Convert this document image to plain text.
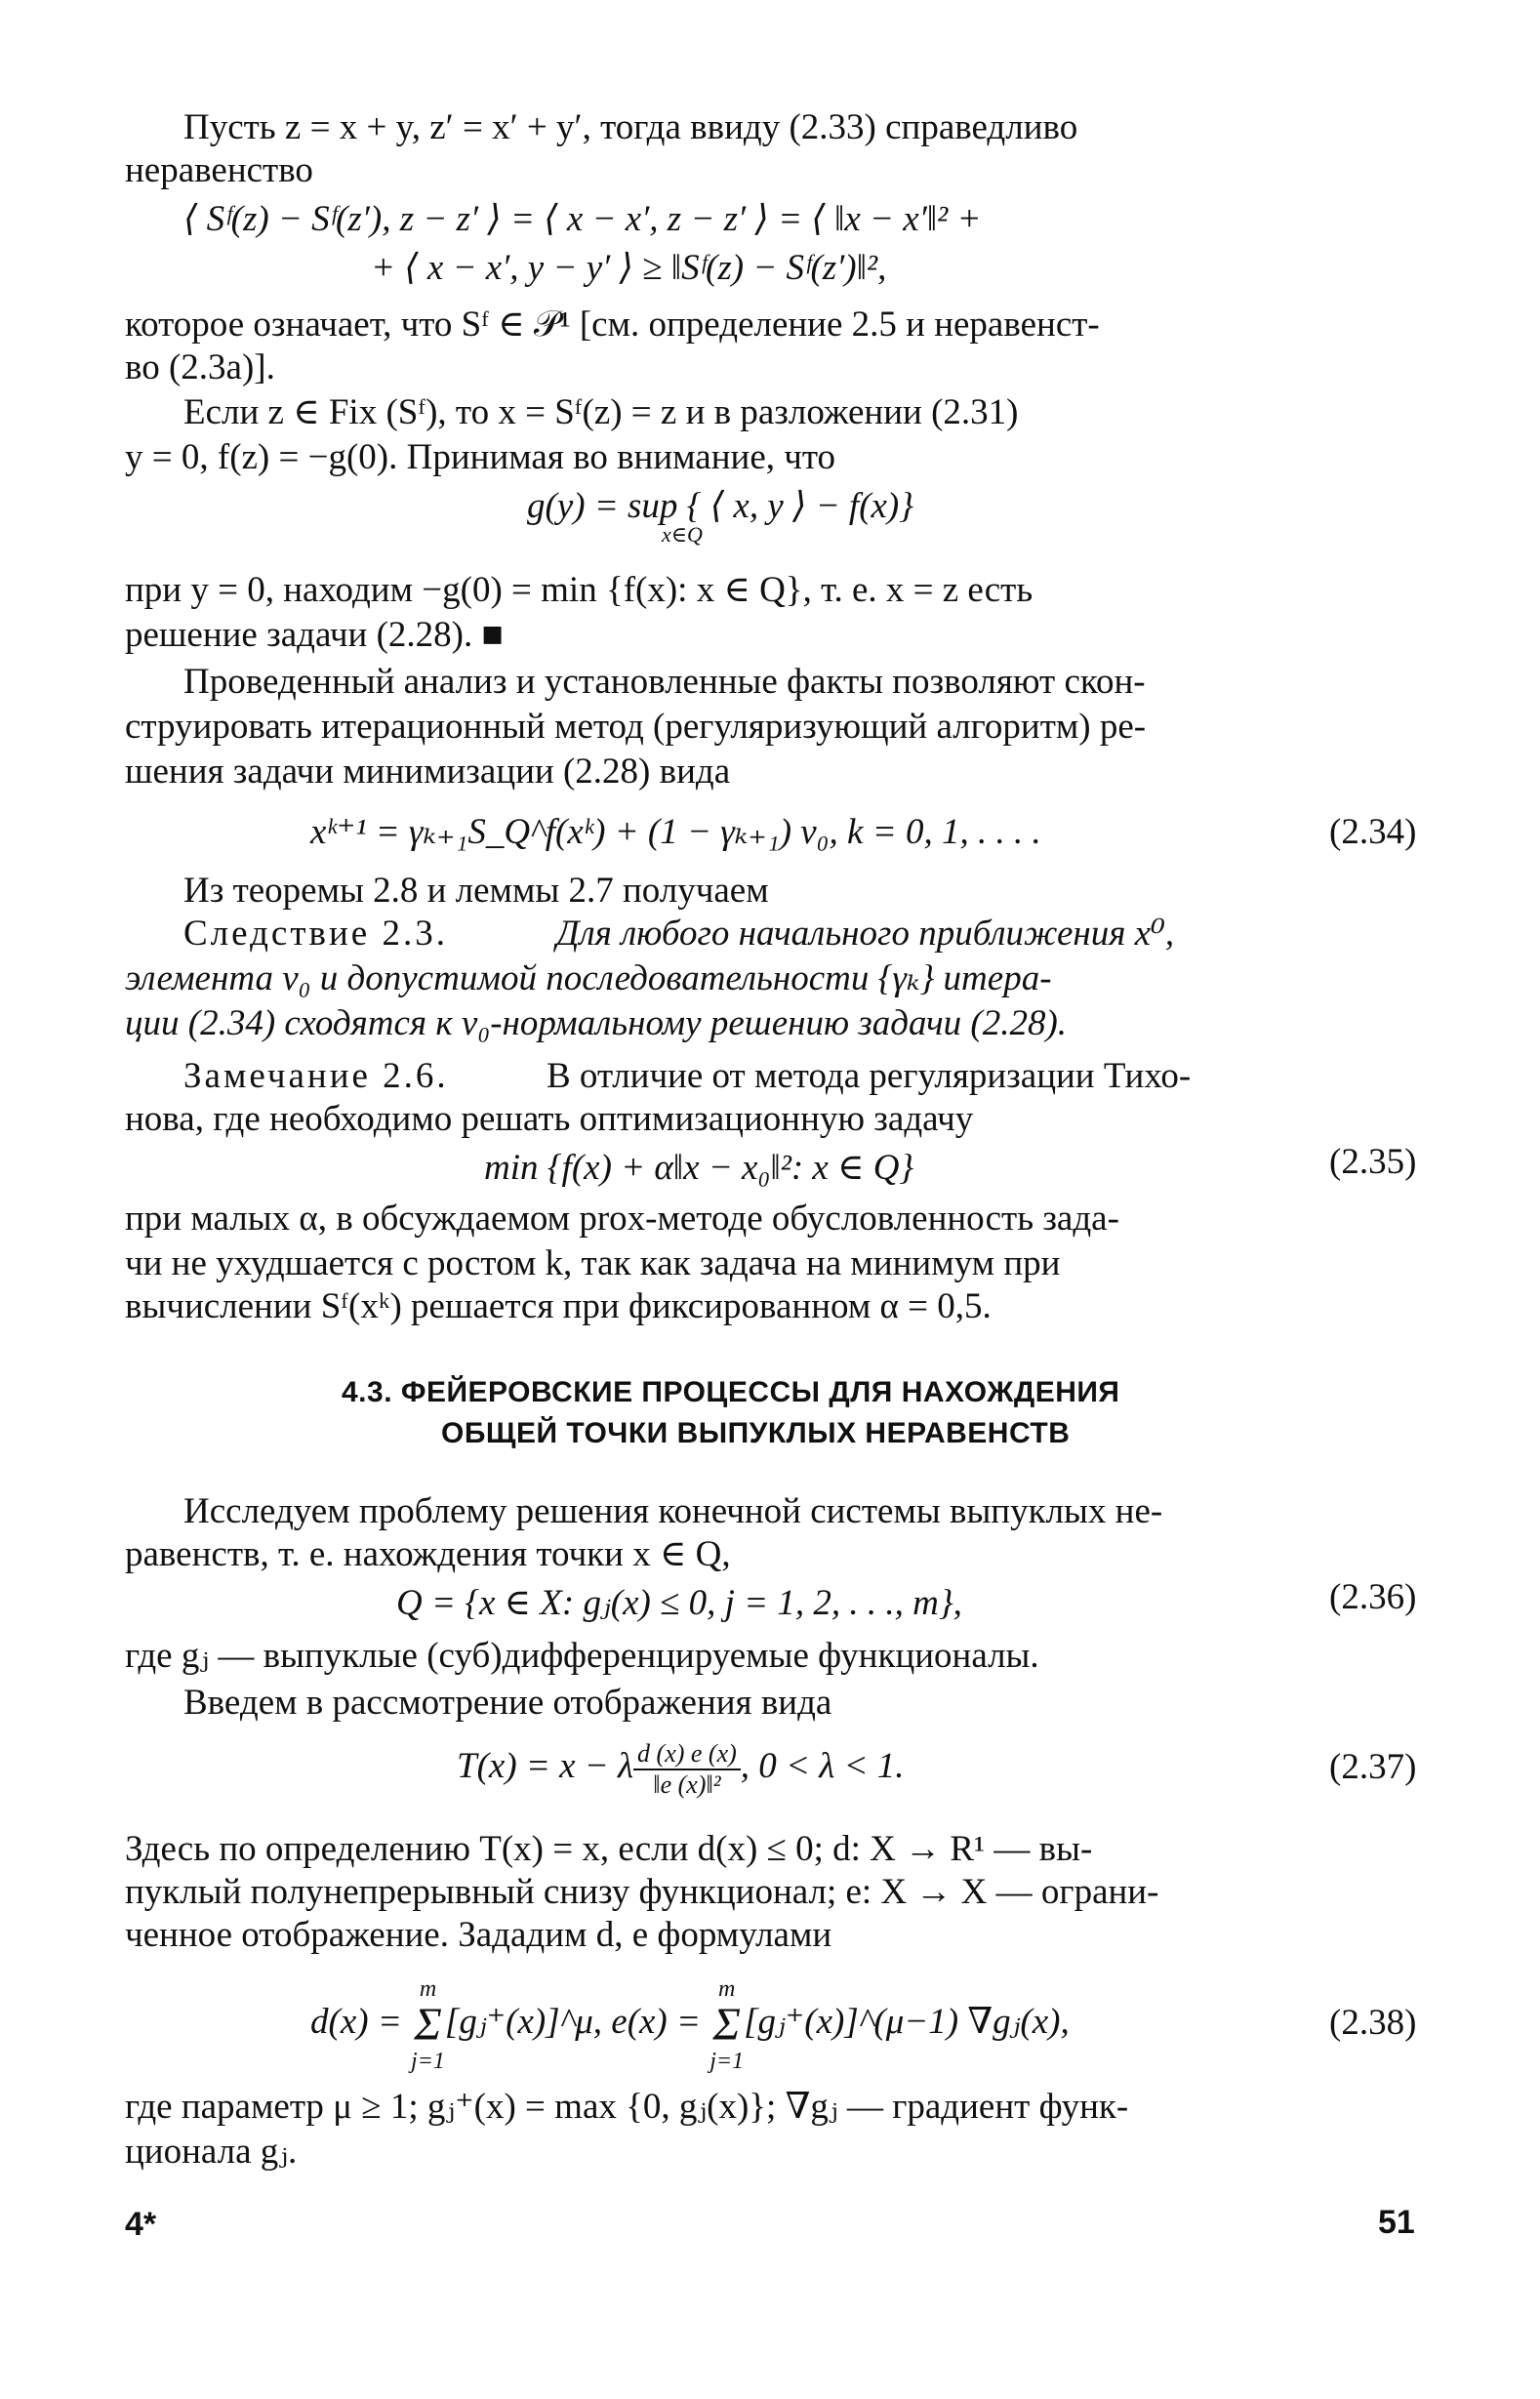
Пусть z = x + y, z′ = x′ + y′, тогда ввиду (2.33) справедливо
неравенство
⟨ Sᶠ(z) − Sᶠ(z′), z − z′ ⟩ = ⟨ x − x′, z − z′ ⟩ = ⟨ ‖x − x′‖² +
+ ⟨ x − x′, y − y′ ⟩ ≥ ‖Sᶠ(z) − Sᶠ(z′)‖²,
которое означает, что Sᶠ ∈ 𝒫¹ [см. определение 2.5 и неравенст-
во (2.3a)].
Если z ∈ Fix (Sᶠ), то x = Sᶠ(z) = z и в разложении (2.31)
y = 0, f(z) = −g(0). Принимая во внимание, что
g(y) = sup { ⟨ x, y ⟩ − f(x)}
x∈Q
при y = 0, находим −g(0) = min {f(x): x ∈ Q}, т. е. x = z есть
решение задачи (2.28). ■
Проведенный анализ и установленные факты позволяют скон-
струировать итерационный метод (регуляризующий алгоритм) ре-
шения задачи минимизации (2.28) вида
xᵏ⁺¹ = γₖ₊₁S_Q^f(xᵏ) + (1 − γₖ₊₁) v₀, k = 0, 1, . . . .	(2.34)
Из теоремы 2.8 и леммы 2.7 получаем
Следствие 2.3.	Для любого начального приближения x⁰,
элемента v₀ и допустимой последовательности {γₖ} итера-
ции (2.34) сходятся к v₀-нормальному решению задачи (2.28).
Замечание 2.6.	В отличие от метода регуляризации Тихо-
нова, где необходимо решать оптимизационную задачу
min {f(x) + α‖x − x₀‖²: x ∈ Q}	(2.35)
при малых α, в обсуждаемом prox-методе обусловленность зада-
чи не ухудшается с ростом k, так как задача на минимум при
вычислении Sᶠ(xᵏ) решается при фиксированном α = 0,5.
4.3. ФЕЙЕРОВСКИЕ ПРОЦЕССЫ ДЛЯ НАХОЖДЕНИЯ
ОБЩЕЙ ТОЧКИ ВЫПУКЛЫХ НЕРАВЕНСТВ
Исследуем проблему решения конечной системы выпуклых не-
равенств, т. е. нахождения точки x ∈ Q,
Q = {x ∈ X: gⱼ(x) ≤ 0, j = 1, 2, . . ., m},	(2.36)
где gⱼ — выпуклые (суб)дифференцируемые функционалы.
Введем в рассмотрение отображения вида
T(x) = x − λ $\frac{d (x) e (x)}{\text{‖e (x)‖²}}$ , 0 < λ < 1.	(2.37)
Здесь по определению T(x) = x, если d(x) ≤ 0; d: X → R¹ — вы-
пуклый полунепрерывный снизу функционал; e: X → X — ограни-
ченное отображение. Зададим d, e формулами
d(x) =
m
Σ
j=1
[gⱼ⁺(x)]^μ, e(x) =
m
Σ
j=1
[gⱼ⁺(x)]^(μ−1) ∇gⱼ(x),	(2.38)
где параметр μ ≥ 1; gⱼ⁺(x) = max {0, gⱼ(x)}; ∇gⱼ — градиент функ-
ционала gⱼ.
4*	51
